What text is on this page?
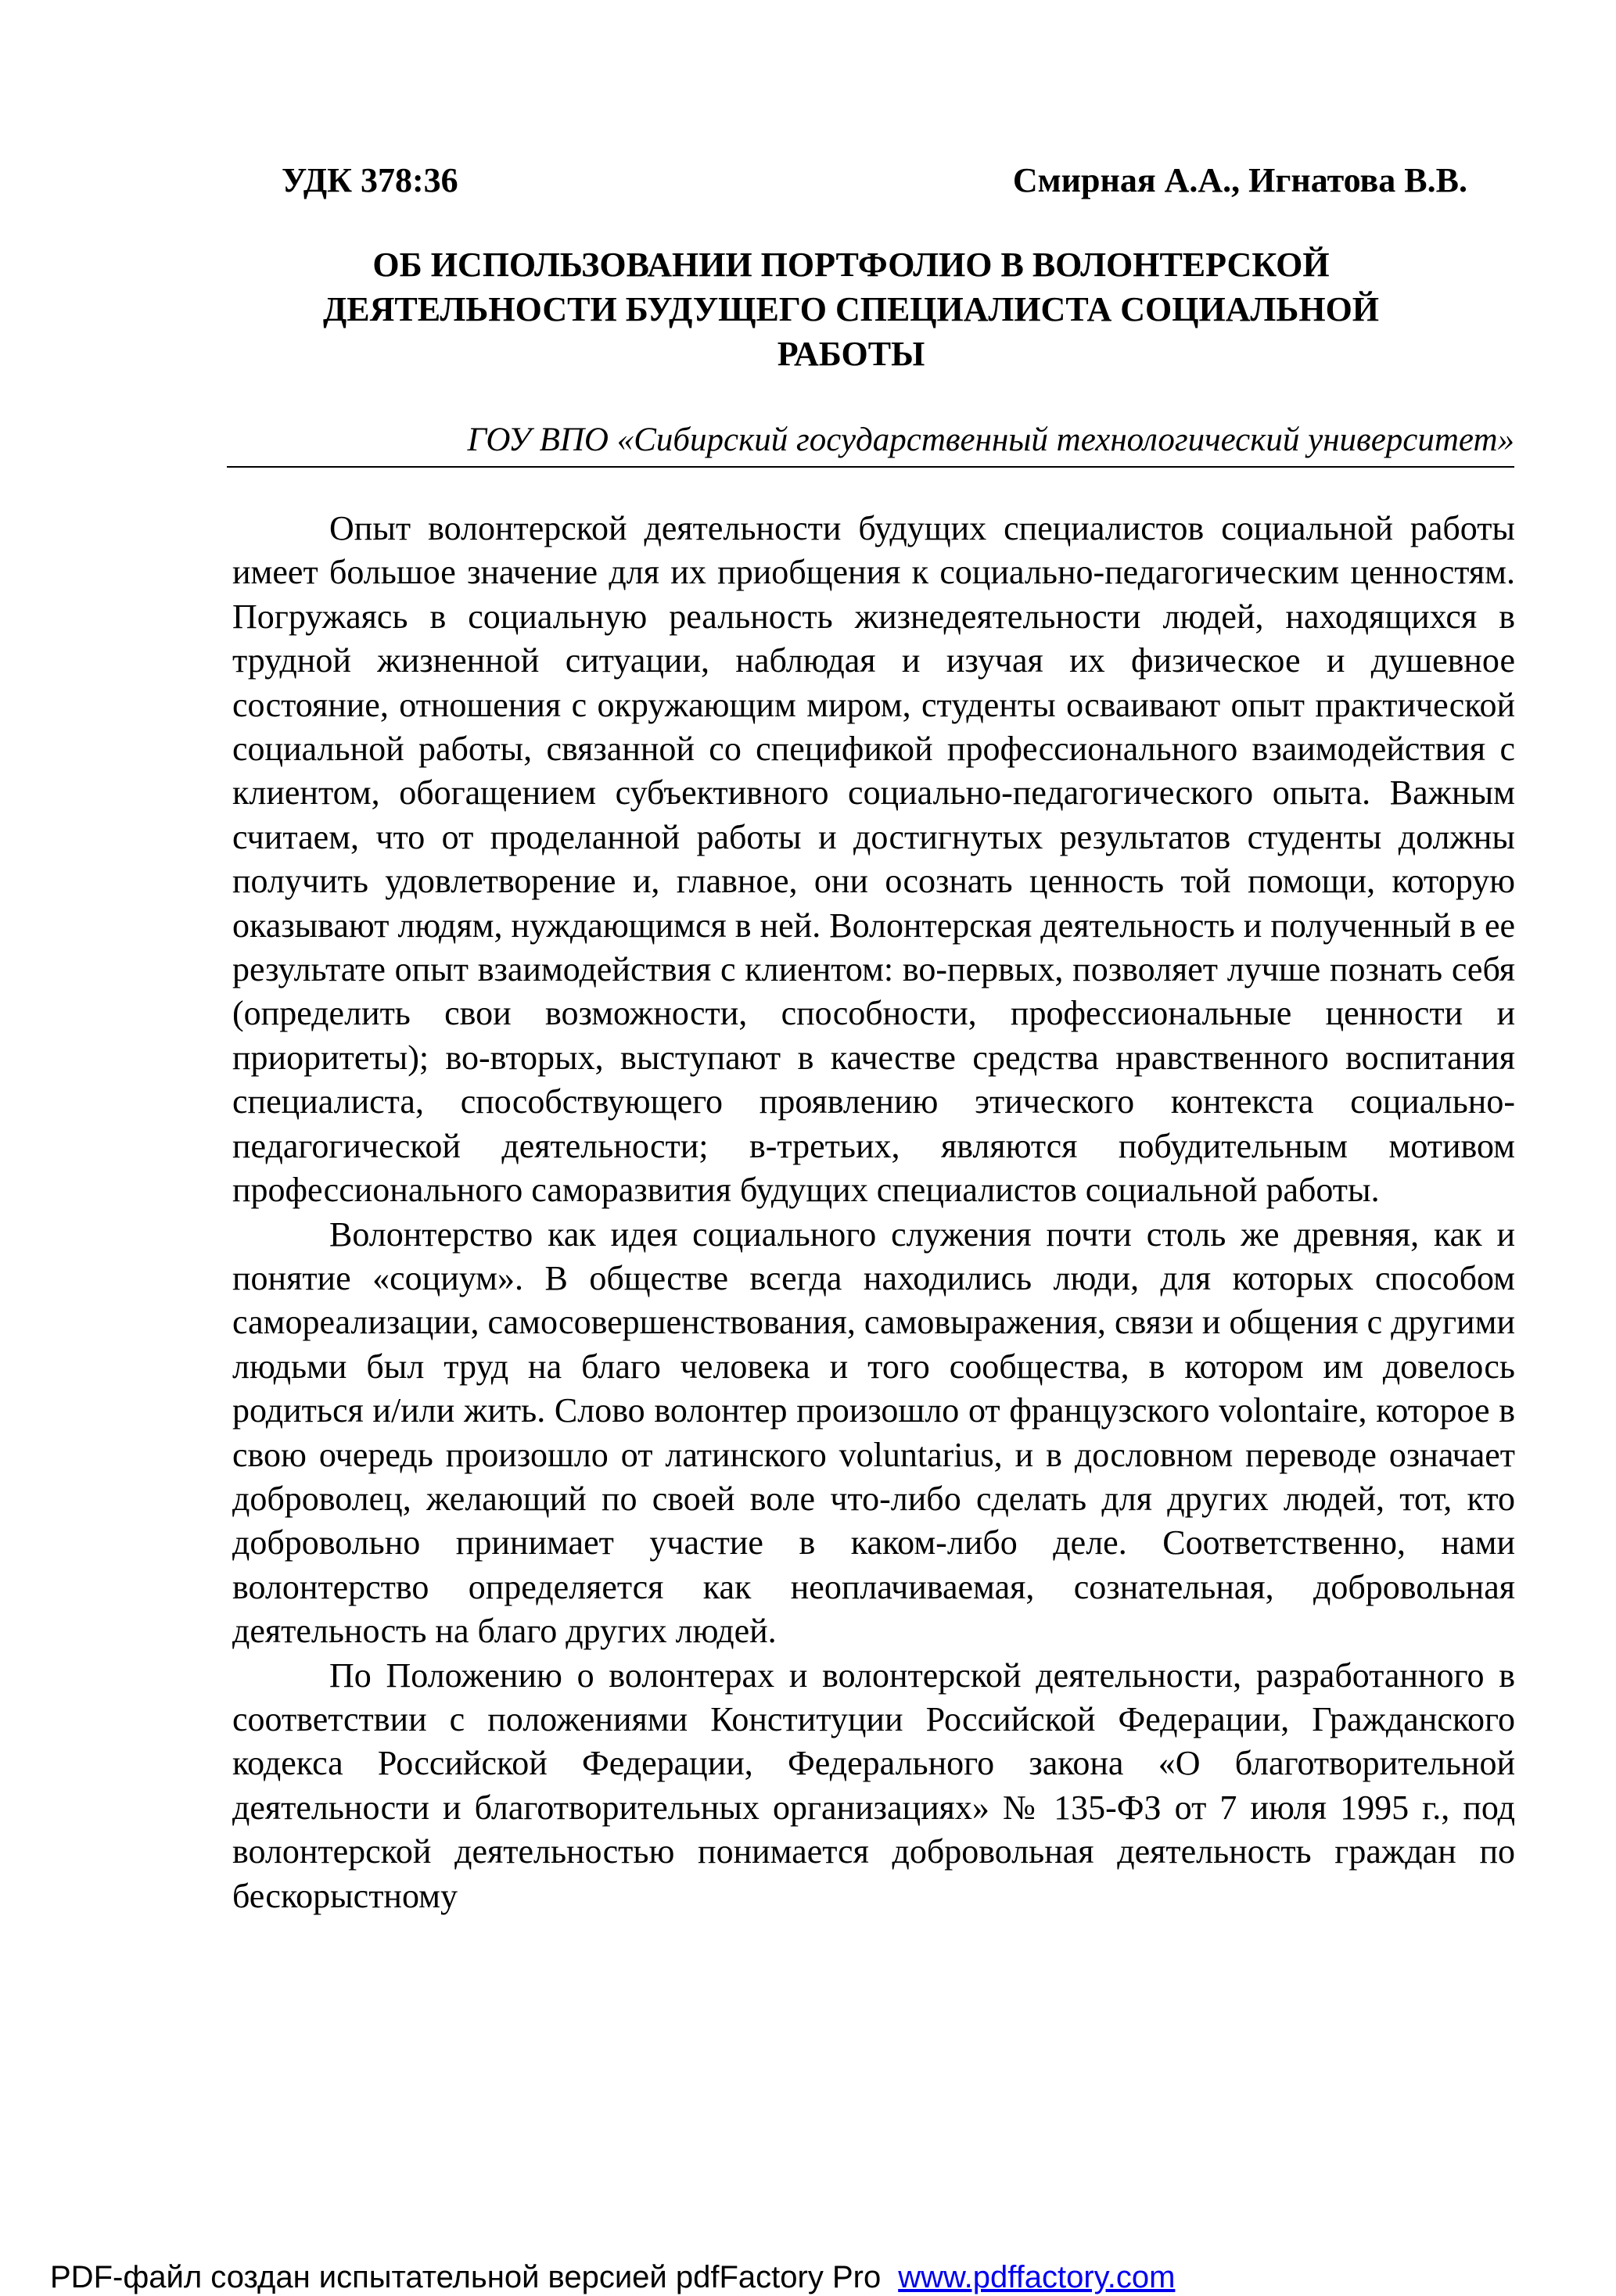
УДК 378:36	Смирная А.А., Игнатова В.В.
ОБ ИСПОЛЬЗОВАНИИ ПОРТФОЛИО В ВОЛОНТЕРСКОЙ
ДЕЯТЕЛЬНОСТИ БУДУЩЕГО СПЕЦИАЛИСТА СОЦИАЛЬНОЙ
РАБОТЫ
ГОУ ВПО «Сибирский государственный технологический университет»

Опыт волонтерской деятельности будущих специалистов социальной работы имеет большое значение для их приобщения к социально-педагогическим ценностям. Погружаясь в социальную реальность жизнедеятельности людей, находящихся в трудной жизненной ситуации, наблюдая и изучая их физическое и душевное состояние, отношения с окружающим миром, студенты осваивают опыт практической социальной работы, связанной со спецификой профессионального взаимодействия с клиентом, обогащением субъективного социально-педагогического опыта. Важным считаем, что от проделанной работы и достигнутых результатов студенты должны получить удовлетворение и, главное, они осознать ценность той помощи, которую оказывают людям, нуждающимся в ней. Волонтерская деятельность и полученный в ее результате опыт взаимодействия с клиентом: во-первых, позволяет лучше познать себя (определить свои возможности, способности, профессиональные ценности и приоритеты); во-вторых, выступают в качестве средства нравственного воспитания специалиста, способствующего проявлению этического контекста социально-педагогической деятельности; в-третьих, являются побудительным мотивом профессионального саморазвития будущих специалистов социальной работы.

Волонтерство как идея социального служения почти столь же древняя, как и понятие «социум». В обществе всегда находились люди, для которых способом самореализации, самосовершенствования, самовыражения, связи и общения с другими людьми был труд на благо человека и того сообщества, в котором им довелось родиться и/или жить. Слово волонтер произошло от французского volontaire, которое в свою очередь произошло от латинского voluntarius, и в дословном переводе означает доброволец, желающий по своей воле что-либо сделать для других людей, тот, кто добровольно принимает участие в каком-либо деле. Соответственно, нами волонтерство определяется как неоплачиваемая, сознательная, добровольная деятельность на благо других людей.

По Положению о волонтерах и волонтерской деятельности, разработанного в соответствии с положениями Конституции Российской Федерации, Гражданского кодекса Российской Федерации, Федерального закона «О благотворительной деятельности и благотворительных организациях» № 135-ФЗ от 7 июля 1995 г., под волонтерской деятельностью понимается добровольная деятельность граждан по бескорыстному

PDF-файл создан испытательной версией pdfFactory Pro www.pdffactory.com
